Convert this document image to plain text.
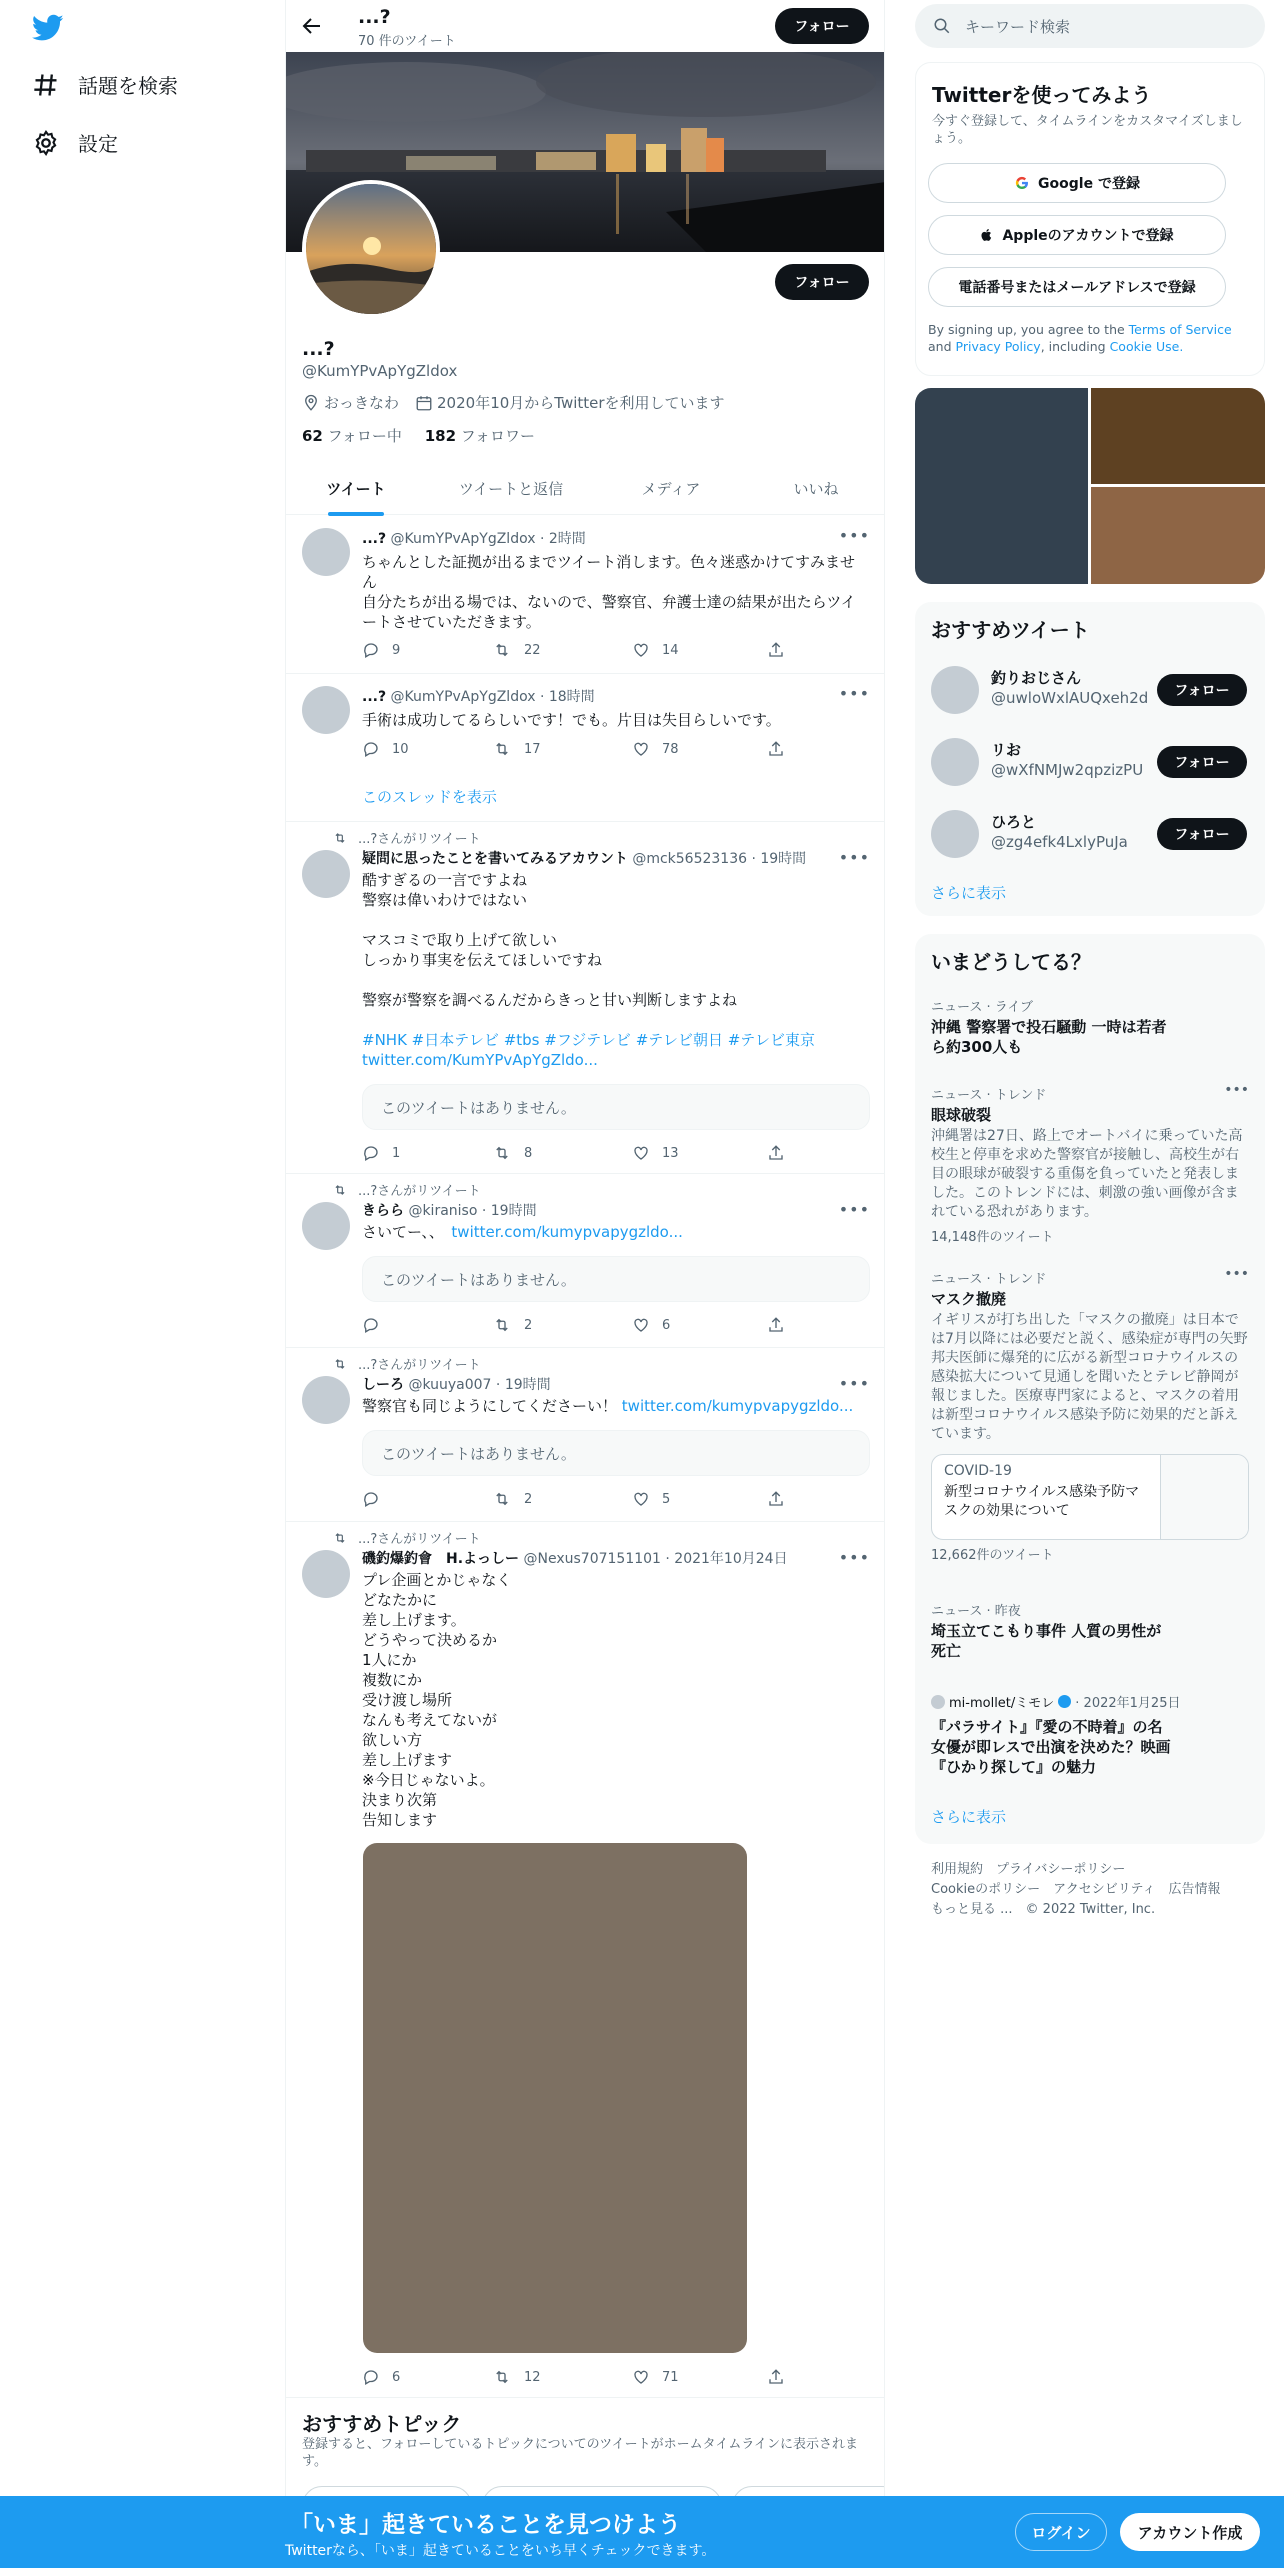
話題を検索
設定
...?
70 件のツイート
フォロー
フォロー
...?
@KumYPvApYgZldox
おっきなわ	2020年10月からTwitterを利用しています
62 フォロー中 182 フォロワー
ツイート	ツイートと返信	メディア	いいね
•••
...? @KumYPvApYgZldox · 2時間
ちゃんとした証拠が出るまでツイート消します。色々迷惑かけてすみません
自分たちが出る場では、ないので、警察官、弁護士達の結果が出たらツイートさせていただきます。
9	22	14
•••
...? @KumYPvApYgZldox · 18時間
手術は成功してるらしいです！でも。片目は失目らしいです。
10	17	78
このスレッドを表示
...?さんがリツイート
•••
疑問に思ったことを書いてみるアカウント @mck56523136 · 19時間
酷すぎるの一言ですよね
警察は偉いわけではない

マスコミで取り上げて欲しい
しっかり事実を伝えてほしいですね

警察が警察を調べるんだからきっと甘い判断しますよね
#NHK #日本テレビ #tbs #フジテレビ #テレビ朝日 #テレビ東京
twitter.com/KumYPvApYgZldo...
このツイートはありません。
1	8	13
...?さんがリツイート
•••
きらら @kiraniso · 19時間
さいてー、、　 twitter.com/kumypvapygzldo...
このツイートはありません。
2	6
...?さんがリツイート
•••
しーろ @kuuya007 · 19時間
警察官も同じようにしてくださーい！ twitter.com/kumypvapygzldo...
このツイートはありません。
2	5
...?さんがリツイート
•••
磯釣爆釣會　H.よっしー @Nexus707151101 · 2021年10月24日
プレ企画とかじゃなく
どなたかに
差し上げます。
どうやって決めるか
1人にか
複数にか
受け渡し場所
なんも考えてないが
欲しい方
差し上げます
※今日じゃないよ。
決まり次第
告知します
6	12	71
おすすめトピック
登録すると、フォローしているトピックについてのツイートがホームタイムラインに表示されます。
キーワード検索
Twitterを使ってみよう
今すぐ登録して、タイムラインをカスタマイズしましょう。
Google で登録
Appleのアカウントで登録
電話番号またはメールアドレスで登録
By signing up, you agree to the Terms of Service and Privacy Policy, including Cookie Use.
おすすめツイート
釣りおじさん
@uwloWxlAUQxeh2d	フォロー
リお
@wXfNMJw2qpzizPU	フォロー
ひろと
@zg4efk4LxlyPuJa	フォロー
さらに表示
いまどうしてる？
ニュース · ライブ
沖縄 警察署で投石騒動 一時は若者ら約300人も
ニュース · トレンド
眼球破裂
沖縄署は27日、路上でオートバイに乗っていた高校生と停車を求めた警察官が接触し、高校生が右目の眼球が破裂する重傷を負っていたと発表しました。このトレンドには、刺激の強い画像が含まれている恐れがあります。
14,148件のツイート
•••
ニュース · トレンド
マスク撤廃
イギリスが打ち出した「マスクの撤廃」は日本では7月以降には必要だと説く、感染症が専門の矢野邦夫医師に爆発的に広がる新型コロナウイルスの感染拡大について見通しを聞いたとテレビ静岡が報じました。医療専門家によると、マスクの着用は新型コロナウイルス感染予防に効果的だと訴えています。
COVID-19
新型コロナウイルス感染予防マスクの効果について
12,662件のツイート
•••
ニュース · 昨夜
埼玉立てこもり事件 人質の男性が死亡
mi-mollet/ミモレ · 2022年1月25日
『パラサイト』『愛の不時着』の名女優が即レスで出演を決めた？映画『ひかり探して』の魅力
さらに表示
利用規約　 プライバシーポリシー
Cookieのポリシー　 アクセシビリティ　 広告情報
もっと見る ...　 © 2022 Twitter, Inc.
「いま」起きていることを見つけよう
Twitterなら、「いま」起きていることをいち早くチェックできます。
ログイン	アカウント作成
